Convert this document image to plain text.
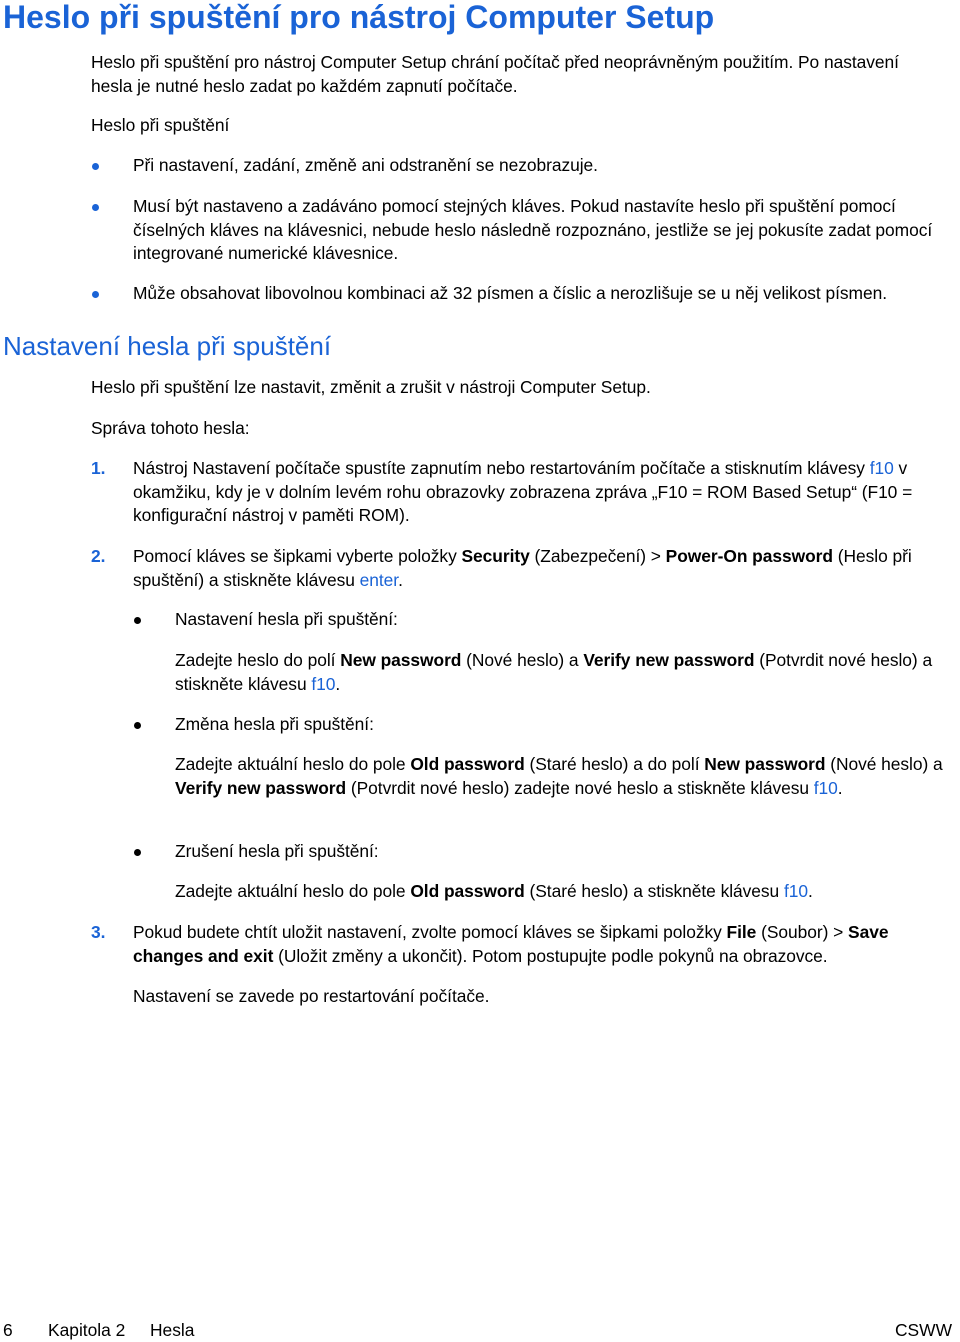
Heslo při spuštění pro nástroj Computer Setup

Heslo při spuštění pro nástroj Computer Setup chrání počítač před neoprávněným použitím. Po nastavení hesla je nutné heslo zadat po každém zapnutí počítače.

Heslo při spuštění

Při nastavení, zadání, změně ani odstranění se nezobrazuje.

Musí být nastaveno a zadáváno pomocí stejných kláves. Pokud nastavíte heslo při spuštění pomocí číselných kláves na klávesnici, nebude heslo následně rozpoznáno, jestliže se jej pokusíte zadat pomocí integrované numerické klávesnice.

Může obsahovat libovolnou kombinaci až 32 písmen a číslic a nerozlišuje se u něj velikost písmen.

Nastavení hesla při spuštění

Heslo při spuštění lze nastavit, změnit a zrušit v nástroji Computer Setup.

Správa tohoto hesla:

1. Nástroj Nastavení počítače spustíte zapnutím nebo restartováním počítače a stisknutím klávesy f10 v okamžiku, kdy je v dolním levém rohu obrazovky zobrazena zpráva „F10 = ROM Based Setup“ (F10 = konfigurační nástroj v paměti ROM).

2. Pomocí kláves se šipkami vyberte položky Security (Zabezpečení) > Power-On password (Heslo při spuštění) a stiskněte klávesu enter.

Nastavení hesla při spuštění:

Zadejte heslo do polí New password (Nové heslo) a Verify new password (Potvrdit nové heslo) a stiskněte klávesu f10.

Změna hesla při spuštění:

Zadejte aktuální heslo do pole Old password (Staré heslo) a do polí New password (Nové heslo) a Verify new password (Potvrdit nové heslo) zadejte nové heslo a stiskněte klávesu f10.

Zrušení hesla při spuštění:

Zadejte aktuální heslo do pole Old password (Staré heslo) a stiskněte klávesu f10.

3. Pokud budete chtít uložit nastavení, zvolte pomocí kláves se šipkami položky File (Soubor) > Save changes and exit (Uložit změny a ukončit). Potom postupujte podle pokynů na obrazovce.

Nastavení se zavede po restartování počítače.

6 Kapitola 2 Hesla	CSWW
